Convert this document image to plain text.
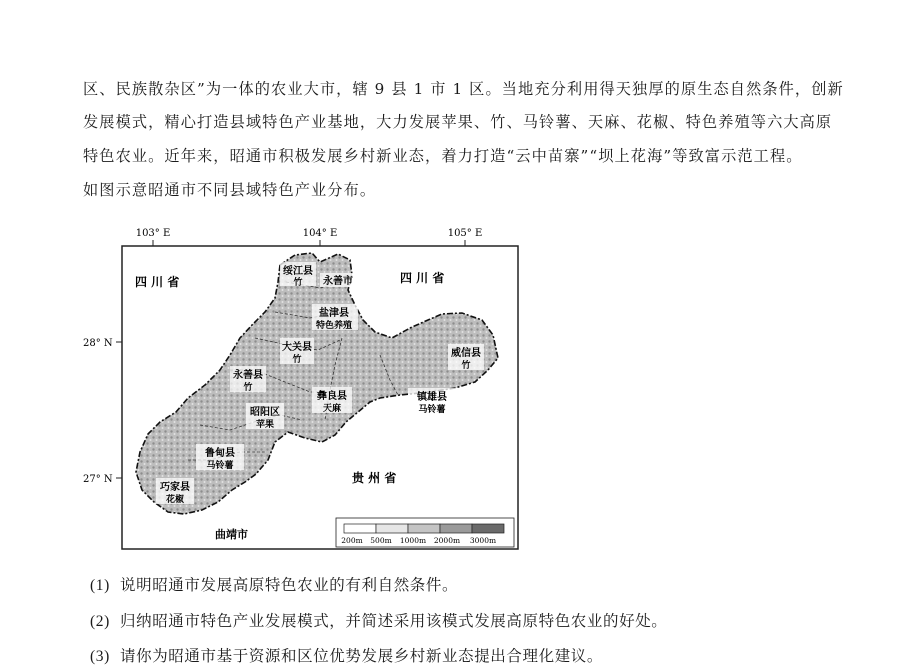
区、民族散杂区”为一体的农业大市，辖 9 县 1 市 1 区。当地充分利用得天独厚的原生态自然条件，创新
发展模式，精心打造县域特色产业基地，大力发展苹果、竹、马铃薯、天麻、花椒、特色养殖等六大高原
特色农业。近年来，昭通市积极发展乡村新业态，着力打造“云中苗寨”“坝上花海”等致富示范工程。
如图示意昭通市不同县域特色产业分布。
103° E	104° E	105° E
28° N
27° N
四 川 省	四 川 省
贵 州 省
曲靖市
绥江县
竹 永善市
盐津县
特色养殖
大关县
竹
永善县
竹
彝良县
天麻
威信县
竹
镇雄县
马铃薯
昭阳区
苹果
鲁甸县
马铃薯
巧家县
花椒
200m 500m 1000m 2000m 3000m
(1) 说明昭通市发展高原特色农业的有利自然条件。
(2) 归纳昭通市特色产业发展模式，并简述采用该模式发展高原特色农业的好处。
(3) 请你为昭通市基于资源和区位优势发展乡村新业态提出合理化建议。
